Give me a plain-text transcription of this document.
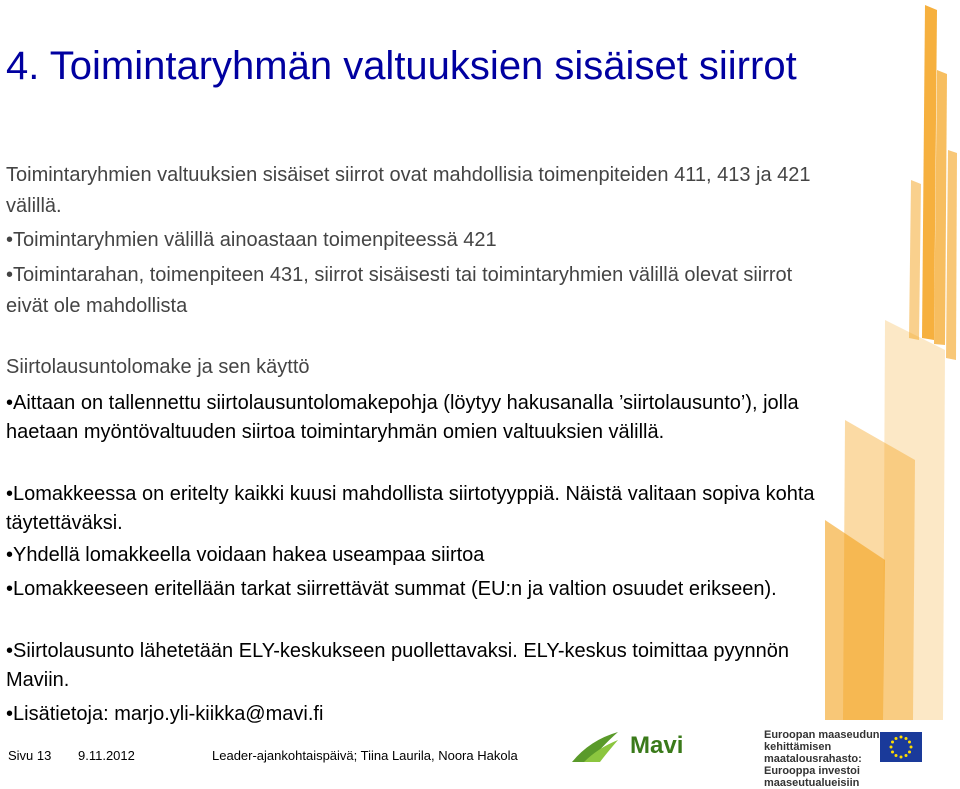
4. Toimintaryhmän valtuuksien sisäiset siirrot
Toimintaryhmien valtuuksien sisäiset siirrot ovat mahdollisia toimenpiteiden 411, 413 ja 421 välillä.
• Toimintaryhmien välillä ainoastaan toimenpiteessä 421
• Toimintarahan, toimenpiteen 431, siirrot sisäisesti tai toimintaryhmien välillä olevat siirrot eivät ole mahdollista
Siirtolausuntolomake ja sen käyttö
• Aittaan on tallennettu siirtolausuntolomakepohja (löytyy hakusanalla ’siirtolausunto’), jolla haetaan myöntövaltuuden siirtoa toimintaryhmän omien valtuuksien välillä.
• Lomakkeessa on eritelty kaikki kuusi mahdollista siirtotyyppiä. Näistä valitaan sopiva kohta täytettäväksi.
• Yhdellä lomakkeella voidaan hakea useampaa siirtoa
• Lomakkeeseen eritellään tarkat siirrettävät summat (EU:n ja valtion osuudet erikseen).
• Siirtolausunto lähetetään ELY-keskukseen puollettavaksi. ELY-keskus toimittaa pyynnön Maviin.
• Lisätietoja: marjo.yli-kiikka@mavi.fi
Sivu 13 9.11.2012	Leader-ajankohtaispäivä; Tiina Laurila, Noora Hakola	Mavi	Euroopan maaseudun kehittämisen maatalousrahasto: Eurooppa investoi maaseutualueisiin
